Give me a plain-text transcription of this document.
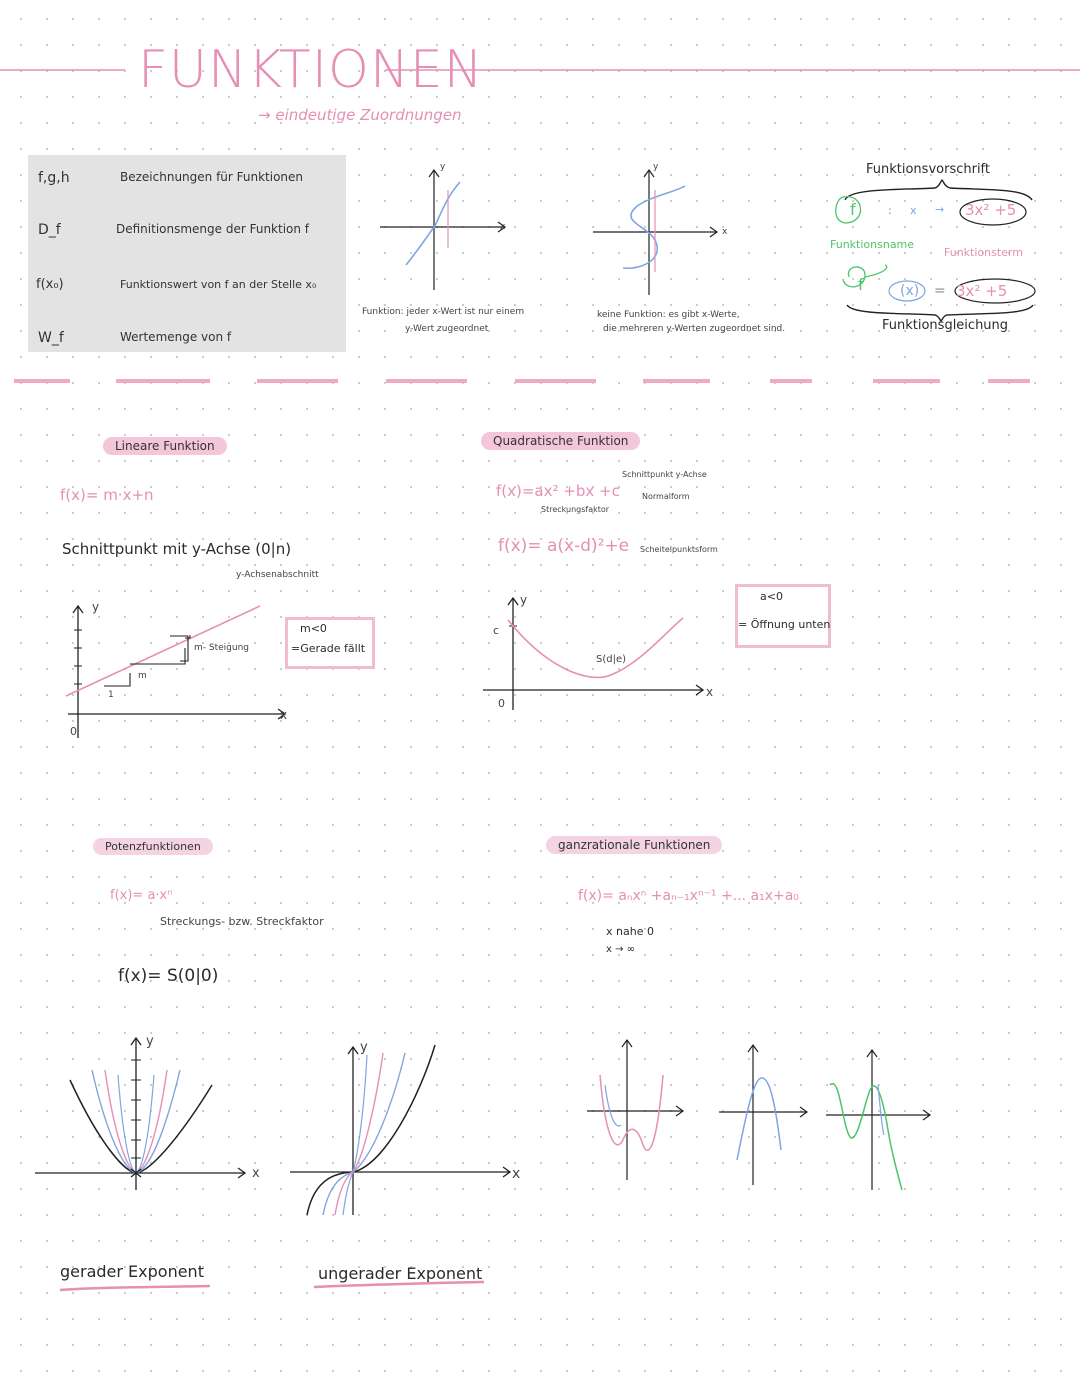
FUNKTIONEN
→ eindeutige Zuordnungen
f,g,h	Bezeichnungen für Funktionen
D_f	Definitionsmenge der Funktion f
f(x₀)	Funktionswert von f an der Stelle x₀
W_f	Wertemenge von f
y
x
Funktion: jeder x-Wert ist nur einem
y-Wert zugeordnet
y
x
keine Funktion: es gibt x-Werte,
die mehreren y-Werten zugeordnet sind.
Funktionsvorschrift
f	: x → 3x² +5
Funktionsname
Funktionsterm
f	(x) = 3x² +5
Funktionsgleichung
Lineare Funktion
f(x)= m·x+n
Schnittpunkt mit y-Achse (0|n)
y-Achsenabschnitt
y
x
0
m- Steigung
m
1
m<0
=Gerade fällt
Quadratische Funktion
f(x)=ax² +bx +c
Schnittpunkt y-Achse
Normalform
Streckungsfaktor
f(x)= a(x-d)²+e Scheitelpunktsform
y
x
c
0
S(d|e)
a<0
= Öffnung unten
Potenzfunktionen
f(x)= a·xⁿ
Streckungs- bzw. Streckfaktor
f(x)= S(0|0)
y
x
y
x
gerader Exponent	ungerader Exponent
ganzrationale Funktionen
f(x)= aₙxⁿ +aₙ₋₁xⁿ⁻¹ +... a₁x+a₀
x nahe 0
x → ∞
